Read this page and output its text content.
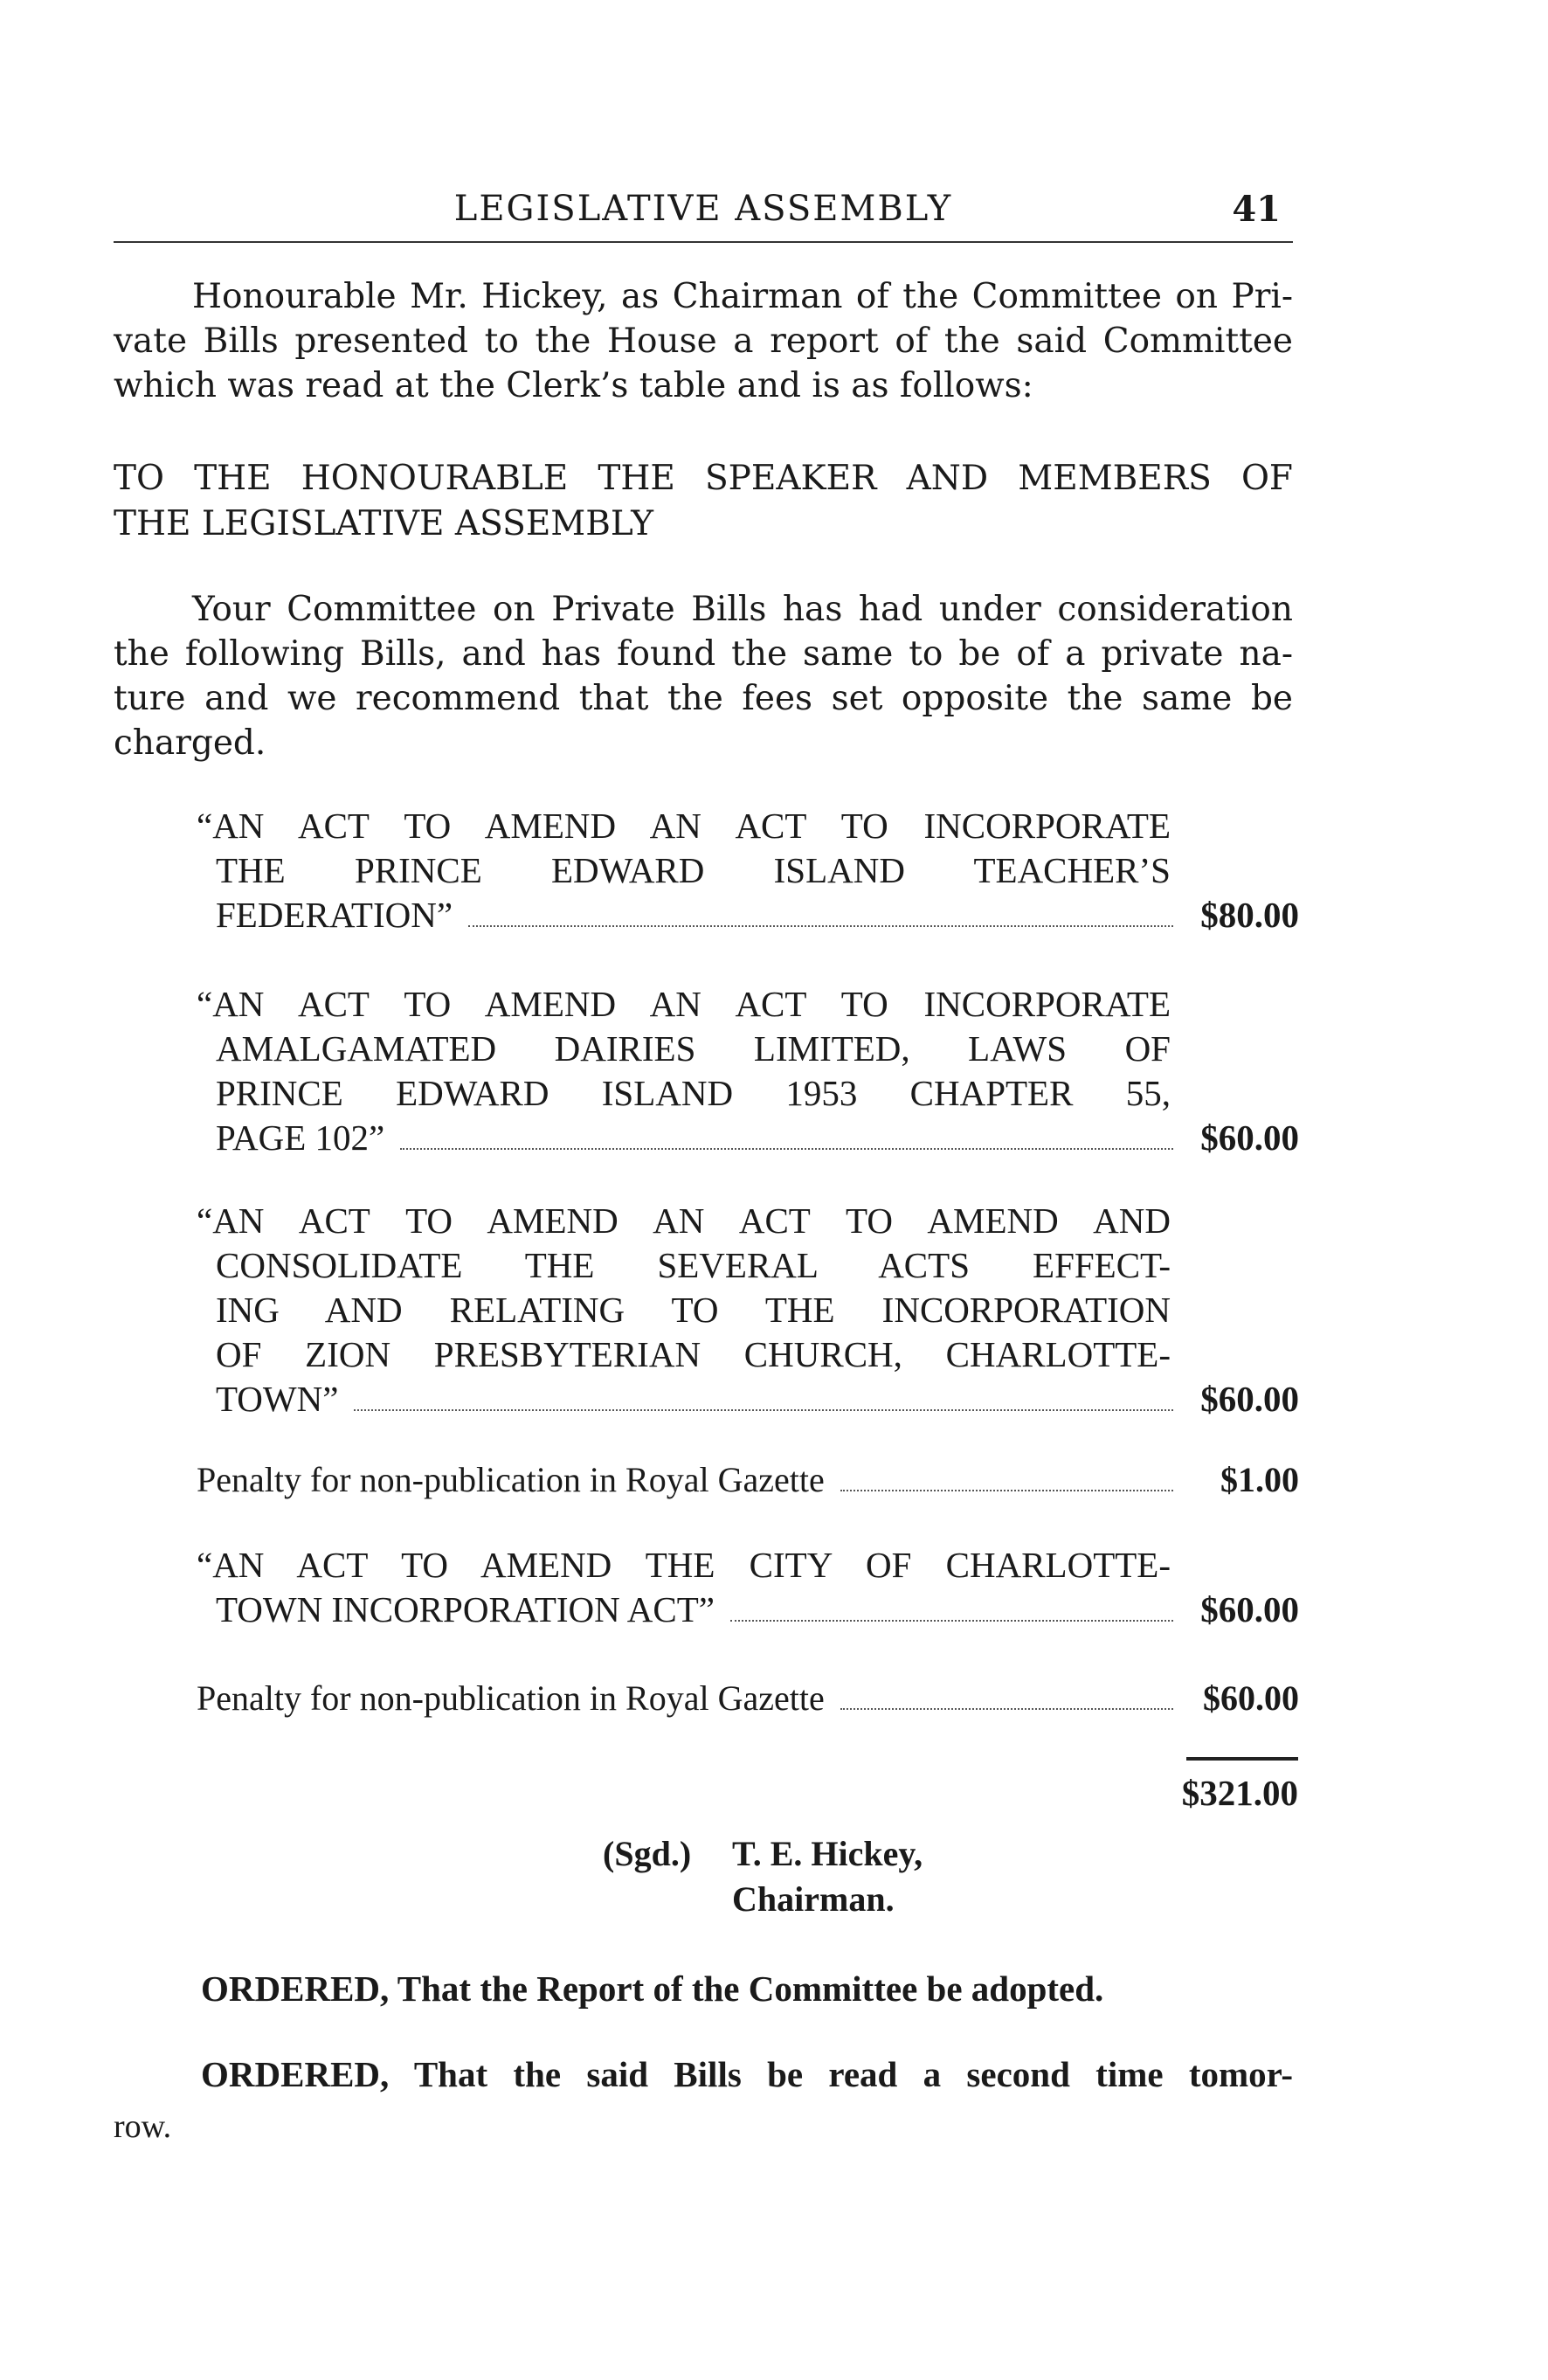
LEGISLATIVE ASSEMBLY	41
Honourable Mr. Hickey, as Chairman of the Committee on Pri-
vate Bills presented to the House a report of the said Committee
which was read at the Clerk’s table and is as follows:
TO THE HONOURABLE THE SPEAKER AND MEMBERS OF
THE LEGISLATIVE ASSEMBLY
Your Committee on Private Bills has had under consideration
the following Bills, and has found the same to be of a private na-
ture and we recommend that the fees set opposite the same be
charged.
“AN ACT TO AMEND AN ACT TO INCORPORATE
THE PRINCE EDWARD ISLAND TEACHER’S
FEDERATION”	$80.00
“AN ACT TO AMEND AN ACT TO INCORPORATE
AMALGAMATED DAIRIES LIMITED, LAWS OF
PRINCE EDWARD ISLAND 1953 CHAPTER 55,
PAGE 102”	$60.00
“AN ACT TO AMEND AN ACT TO AMEND AND
CONSOLIDATE THE SEVERAL ACTS EFFECT-
ING AND RELATING TO THE INCORPORATION
OF ZION PRESBYTERIAN CHURCH, CHARLOTTE-
TOWN”	$60.00
Penalty for non-publication in Royal Gazette	$1.00
“AN ACT TO AMEND THE CITY OF CHARLOTTE-
TOWN INCORPORATION ACT”	$60.00
Penalty for non-publication in Royal Gazette	$60.00
$321.00
(Sgd.) T. E. Hickey,
Chairman.
ORDERED, That the Report of the Committee be adopted.
ORDERED, That the said Bills be read a second time tomor-
row.
